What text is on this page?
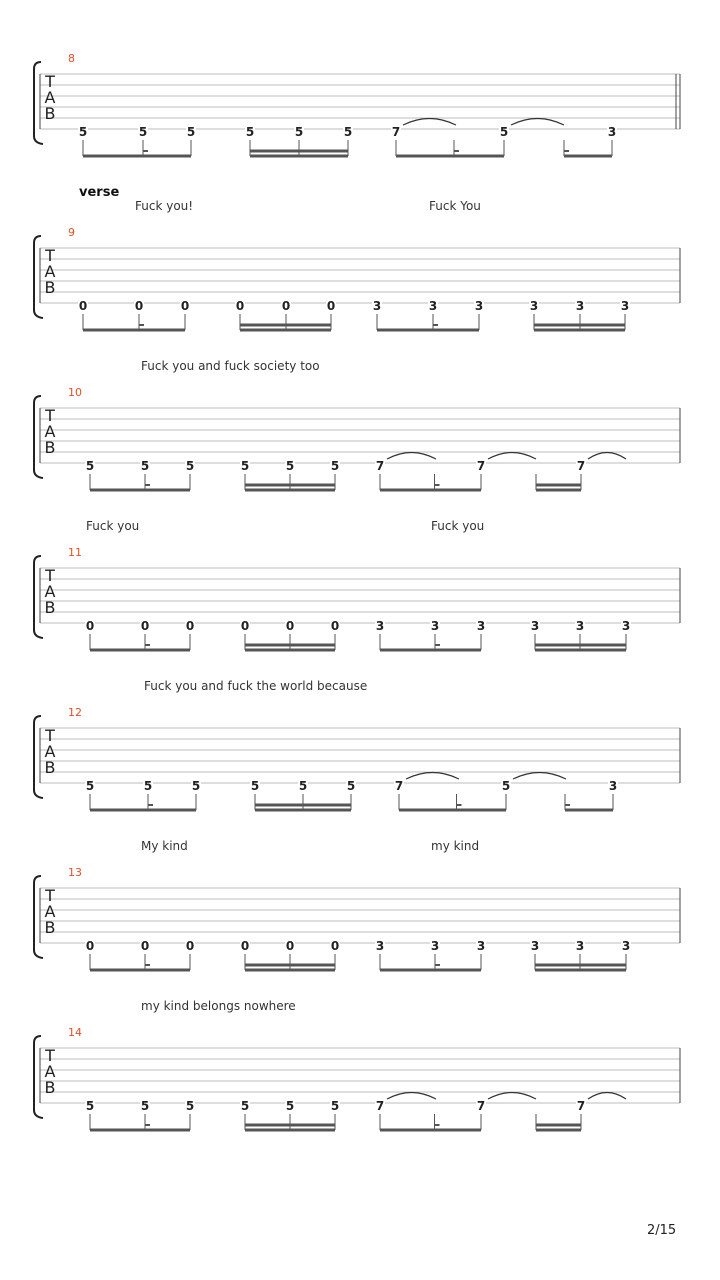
verse
8
T
A
B
5	5	5	5	5	5	7	5	3
9
Fuck you!	Fuck You
T
A
B
0	0	0	0	0	0	3	3	3	3	3	3
10
Fuck you and fuck society too
T
A
B
5	5	5	5	5	5	7	7	7
11
Fuck you	Fuck you
T
A
B
0	0	0	0	0	0	3	3	3	3	3	3
12
Fuck you and fuck the world because
T
A
B
5	5	5	5	5	5	7	5	3
13
My kind	my kind
T
A
B
0	0	0	0	0	0	3	3	3	3	3	3
14
my kind belongs nowhere
T
A
B
5	5	5	5	5	5	7	7	7
2/15
